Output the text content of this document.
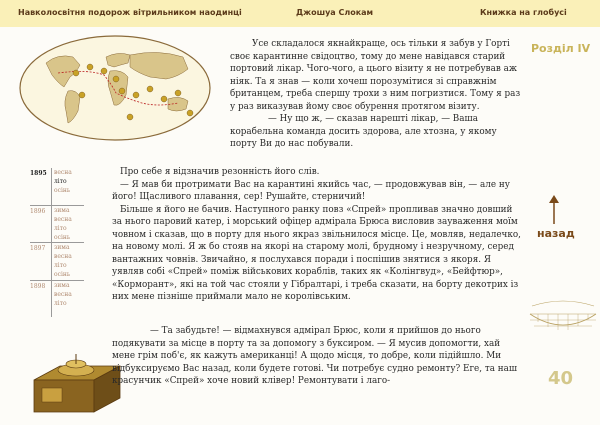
Навколосвітня подорож вітрильником наодинці	Джошуа Слокам	Книжка на глобусі
Розділ IV
назад
40
1895	весна
літо
осінь
1896	зима
весна
літо
осінь
1897	зима
весна
літо
осінь
1898	зима
весна
літо

Усе складалося якнайкраще, ось тільки я забув у Горті своє карантинне свідоцтво, тому до мене навідався старий портовий лікар. Чого-чого, а цього візиту я не потребував аж ніяк. Та я знав — коли хочеш порозумітися зі справжнім британцем, треба спершу трохи з ним погризтися. Тому я раз у раз виказував йому своє обурення протягом візиту.

— Ну що ж, — сказав нарешті лікар, — Ваша корабельна команда досить здорова, але хтозна, у якому порту Ви до нас побували.

Про себе я відзначив резонність його слів.

— Я мав би протримати Вас на карантині якийсь час, — продовжував він, — але ну його! Щасливого плавання, сер! Рушайте, стерничий!

Більше я його не бачив. Наступного ранку повз «Спрей» пропливав значно довший за нього паровий катер, і морський офіцер адмірала Брюса висловив зауваження моїм човном і сказав, що в порту для нього якраз звільнилося місце. Це, мовляв, недалечко, на новому молі. Я ж бо стояв на якорі на старому молі, брудному і незручному, серед вантажних човнів. Звичайно, я послухався поради і поспішив знятися з якоря. Я уявляв собі «Спрей» поміж військових кораблів, таких як «Колінгвуд», «Бейфтюр», «Корморант», які на той час стояли у Гібралтарі, і треба сказати, на борту декотрих із них мене пізніше приймали мало не королівським.

— Та забудьте! — відмахнувся адмірал Брюс, коли я прийшов до нього подякувати за місце в порту та за допомогу з буксиром. — Я мусив допомогти, хай мене грім поб'є, як кажуть американці! А щодо місця, то добре, коли підійшло. Ми відбуксируємо Вас назад, коли будете готові. Чи потребує судно ремонту? Еге, та наш красунчик «Спрей» хоче новий клівер! Ремонтувати і лаго-
